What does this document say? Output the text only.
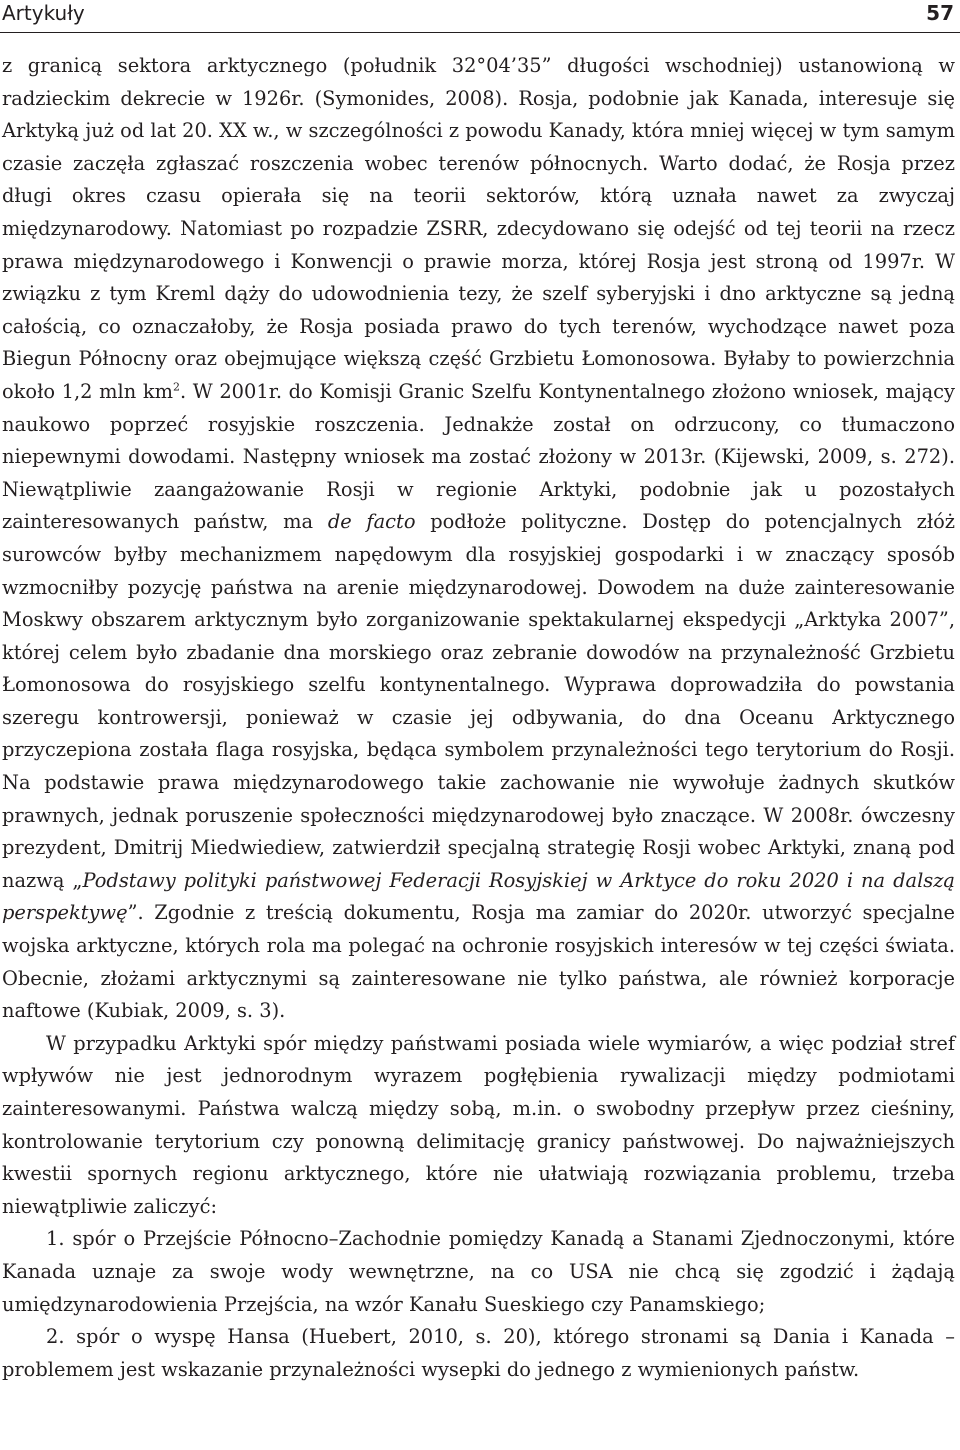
Artykuły	57

z granicą sektora arktycznego (południk 32°04’35” długości wschodniej) ustanowioną w radzieckim dekrecie w 1926r. (Symonides, 2008). Rosja, podobnie jak Kanada, interesuje się Arktyką już od lat 20. XX w., w szczególności z powodu Kanady, która mniej więcej w tym samym czasie zaczęła zgłaszać roszczenia wobec terenów północnych. Warto dodać, że Rosja przez długi okres czasu opierała się na teorii sektorów, którą uznała nawet za zwyczaj międzynarodowy. Natomiast po rozpadzie ZSRR, zdecydowano się odejść od tej teorii na rzecz prawa międzynarodowego i Konwencji o prawie morza, której Rosja jest stroną od 1997r. W związku z tym Kreml dąży do udowodnienia tezy, że szelf syberyjski i dno arktyczne są jedną całością, co oznaczałoby, że Rosja posiada prawo do tych terenów, wychodzące nawet poza Biegun Północny oraz obejmujące większą część Grzbietu Łomonosowa. Byłaby to powierzchnia około 1,2 mln $km^2$. W 2001r. do Komisji Granic Szelfu Kontynentalnego złożono wniosek, mający naukowo poprzeć rosyjskie roszczenia. Jednakże został on odrzucony, co tłumaczono niepewnymi dowodami. Następny wniosek ma zostać złożony w 2013r. (Kijewski, 2009, s. 272). Niewątpliwie zaangażowanie Rosji w regionie Arktyki, podobnie jak u pozostałych zainteresowanych państw, ma de facto podłoże polityczne. Dostęp do potencjalnych złóż surowców byłby mechanizmem napędowym dla rosyjskiej gospodarki i w znaczący sposób wzmocniłby pozycję państwa na arenie międzynarodowej. Dowodem na duże zainteresowanie Moskwy obszarem arktycznym było zorganizowanie spektakularnej ekspedycji „Arktyka 2007”, której celem było zbadanie dna morskiego oraz zebranie dowodów na przynależność Grzbietu Łomonosowa do rosyjskiego szelfu kontynentalnego. Wyprawa doprowadziła do powstania szeregu kontrowersji, ponieważ w czasie jej odbywania, do dna Oceanu Arktycznego przyczepiona została flaga rosyjska, będąca symbolem przynależności tego terytorium do Rosji. Na podstawie prawa międzynarodowego takie zachowanie nie wywołuje żadnych skutków prawnych, jednak poruszenie społeczności międzynarodowej było znaczące. W 2008r. ówczesny prezydent, Dmitrij Miedwiediew, zatwierdził specjalną strategię Rosji wobec Arktyki, znaną pod nazwą „Podstawy polityki państwowej Federacji Rosyjskiej w Arktyce do roku 2020 i na dalszą perspektywę”. Zgodnie z treścią dokumentu, Rosja ma zamiar do 2020r. utworzyć specjalne wojska arktyczne, których rola ma polegać na ochronie rosyjskich interesów w tej części świata. Obecnie, złożami arktycznymi są zainteresowane nie tylko państwa, ale również korporacje naftowe (Kubiak, 2009, s. 3).

W przypadku Arktyki spór między państwami posiada wiele wymiarów, a więc podział stref wpływów nie jest jednorodnym wyrazem pogłębienia rywalizacji między podmiotami zainteresowanymi. Państwa walczą między sobą, m.in. o swobodny przepływ przez cieśniny, kontrolowanie terytorium czy ponowną delimitację granicy państwowej. Do najważniejszych kwestii spornych regionu arktycznego, które nie ułatwiają rozwiązania problemu, trzeba niewątpliwie zaliczyć:

1. spór o Przejście Północno–Zachodnie pomiędzy Kanadą a Stanami Zjednoczonymi, które Kanada uznaje za swoje wody wewnętrzne, na co USA nie chcą się zgodzić i żądają umiędzynarodowienia Przejścia, na wzór Kanału Sueskiego czy Panamskiego;

2. spór o wyspę Hansa (Huebert, 2010, s. 20), którego stronami są Dania i Kanada – problemem jest wskazanie przynależności wysepki do jednego z wymienionych państw.
